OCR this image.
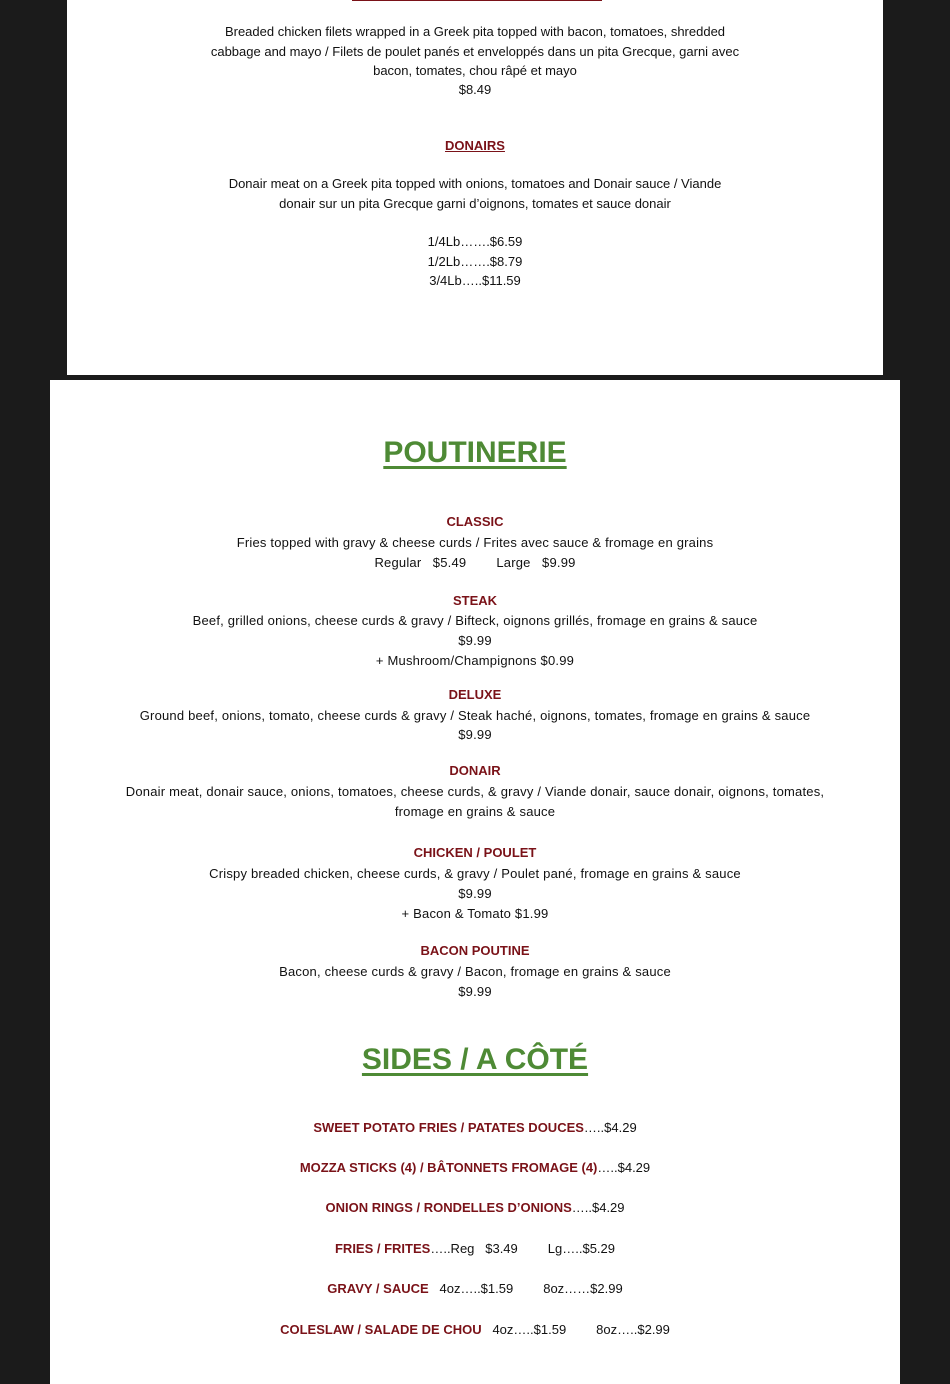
Breaded chicken filets wrapped in a Greek pita topped with bacon, tomatoes, shredded
cabbage and mayo / Filets de poulet panés et enveloppés dans un pita Grecque, garni avec
bacon, tomates, chou râpé et mayo
$8.49
DONAIRS
Donair meat on a Greek pita topped with onions, tomatoes and Donair sauce / Viande
donair sur un pita Grecque garni d’oignons, tomates et sauce donair
1/4Lb…….$6.59
1/2Lb…….$8.79
3/4Lb…..$11.59
POUTINERIE
CLASSIC
Fries topped with gravy & cheese curds / Frites avec sauce & fromage en grains
Regular   $5.49 Large   $9.99
STEAK
Beef, grilled onions, cheese curds & gravy / Bifteck, oignons grillés, fromage en grains & sauce
$9.99
+ Mushroom/Champignons $0.99
DELUXE
Ground beef, onions, tomato, cheese curds & gravy / Steak haché, oignons, tomates, fromage en grains & sauce
$9.99
DONAIR
Donair meat, donair sauce, onions, tomatoes, cheese curds, & gravy / Viande donair, sauce donair, oignons, tomates,
fromage en grains & sauce
CHICKEN / POULET
Crispy breaded chicken, cheese curds, & gravy / Poulet pané, fromage en grains & sauce
$9.99
+ Bacon & Tomato $1.99
BACON POUTINE
Bacon, cheese curds & gravy / Bacon, fromage en grains & sauce
$9.99
SIDES / A CÔTÉ
SWEET POTATO FRIES / PATATES DOUCES…..$4.29
MOZZA STICKS (4) / BÂTONNETS FROMAGE (4)…..$4.29
ONION RINGS / RONDELLES D’ONIONS…..$4.29
FRIES / FRITES…..Reg   $3.49 Lg…..$5.29
GRAVY / SAUCE 4oz…..$1.59 8oz……$2.99
COLESLAW / SALADE DE CHOU 4oz…..$1.59 8oz…..$2.99
